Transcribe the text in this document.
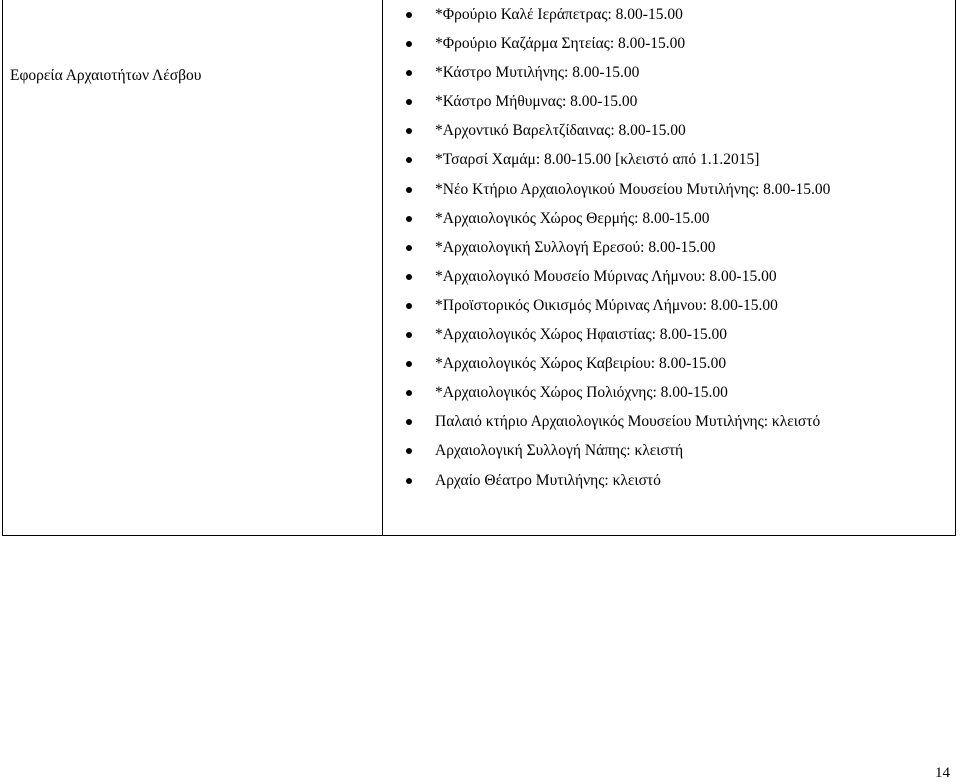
Εφορεία Αρχαιοτήτων Λέσβου
*Φρούριο Καλέ Ιεράπετρας: 8.00-15.00
*Φρούριο Καζάρμα Σητείας: 8.00-15.00
*Κάστρο Μυτιλήνης: 8.00-15.00
*Κάστρο Μήθυμνας: 8.00-15.00
*Αρχοντικό Βαρελτζίδαινας: 8.00-15.00
*Τσαρσί Χαμάμ: 8.00-15.00 [κλειστό από 1.1.2015]
*Νέο Κτήριο Αρχαιολογικού Μουσείου Μυτιλήνης: 8.00-15.00
*Αρχαιολογικός Χώρος Θερμής: 8.00-15.00
*Αρχαιολογική Συλλογή Ερεσού: 8.00-15.00
*Αρχαιολογικό Μουσείο Μύρινας Λήμνου: 8.00-15.00
*Προϊστορικός Οικισμός Μύρινας Λήμνου: 8.00-15.00
*Αρχαιολογικός Χώρος Ηφαιστίας: 8.00-15.00
*Αρχαιολογικός Χώρος Καβειρίου: 8.00-15.00
*Αρχαιολογικός Χώρος Πολιόχνης: 8.00-15.00
Παλαιό κτήριο Αρχαιολογικός Μουσείου Μυτιλήνης: κλειστό
Αρχαιολογική Συλλογή Νάπης: κλειστή
Αρχαίο Θέατρο Μυτιλήνης: κλειστό
14
